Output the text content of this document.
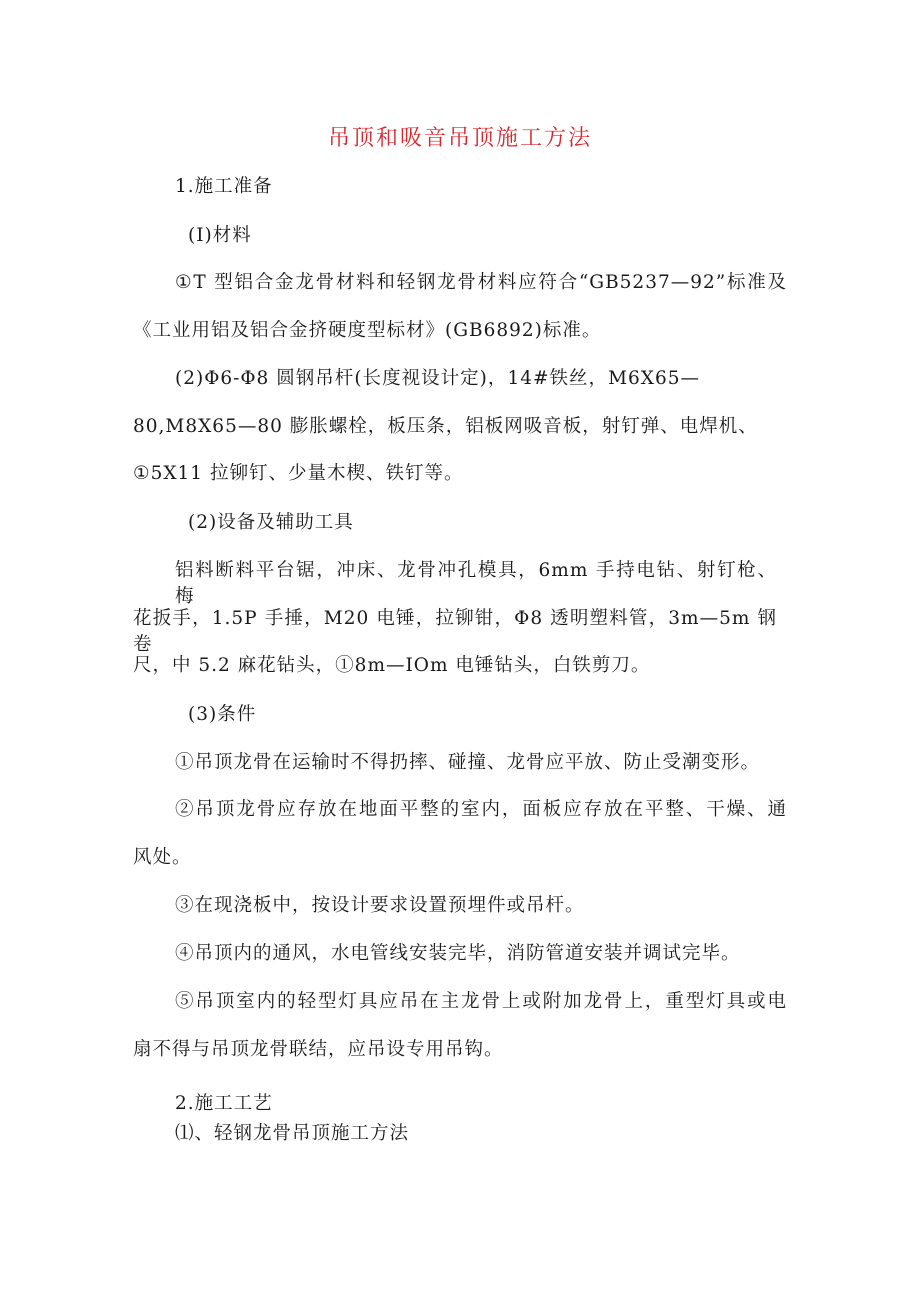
吊顶和吸音吊顶施工方法
1.施工准备
(I)材料
①T 型铝合金龙骨材料和轻钢龙骨材料应符合“GB5237—92”标准及
《工业用铝及铝合金挤硬度型标材》(GB6892)标准。
(2)Φ6-Φ8 圆钢吊杆(长度视设计定)，14#铁丝，M6X65—
80,M8X65—80 膨胀螺栓，板压条，铝板网吸音板，射钉弹、电焊机、
①5X11 拉铆钉、少量木楔、铁钉等。
(2)设备及辅助工具
铝料断料平台锯，冲床、龙骨冲孔模具，6mm 手持电钻、射钉枪、梅
花扳手，1.5P 手捶，M20 电锤，拉铆钳，Φ8 透明塑料管，3m—5m 钢卷
尺，中 5.2 麻花钻头，①8m—IOm 电锤钻头，白铁剪刀。
(3)条件
①吊顶龙骨在运输时不得扔摔、碰撞、龙骨应平放、防止受潮变形。
②吊顶龙骨应存放在地面平整的室内，面板应存放在平整、干燥、通
风处。
③在现浇板中，按设计要求设置预埋件或吊杆。
④吊顶内的通风，水电管线安装完毕，消防管道安装并调试完毕。
⑤吊顶室内的轻型灯具应吊在主龙骨上或附加龙骨上，重型灯具或电
扇不得与吊顶龙骨联结，应吊设专用吊钩。
2.施工工艺
⑴、轻钢龙骨吊顶施工方法
